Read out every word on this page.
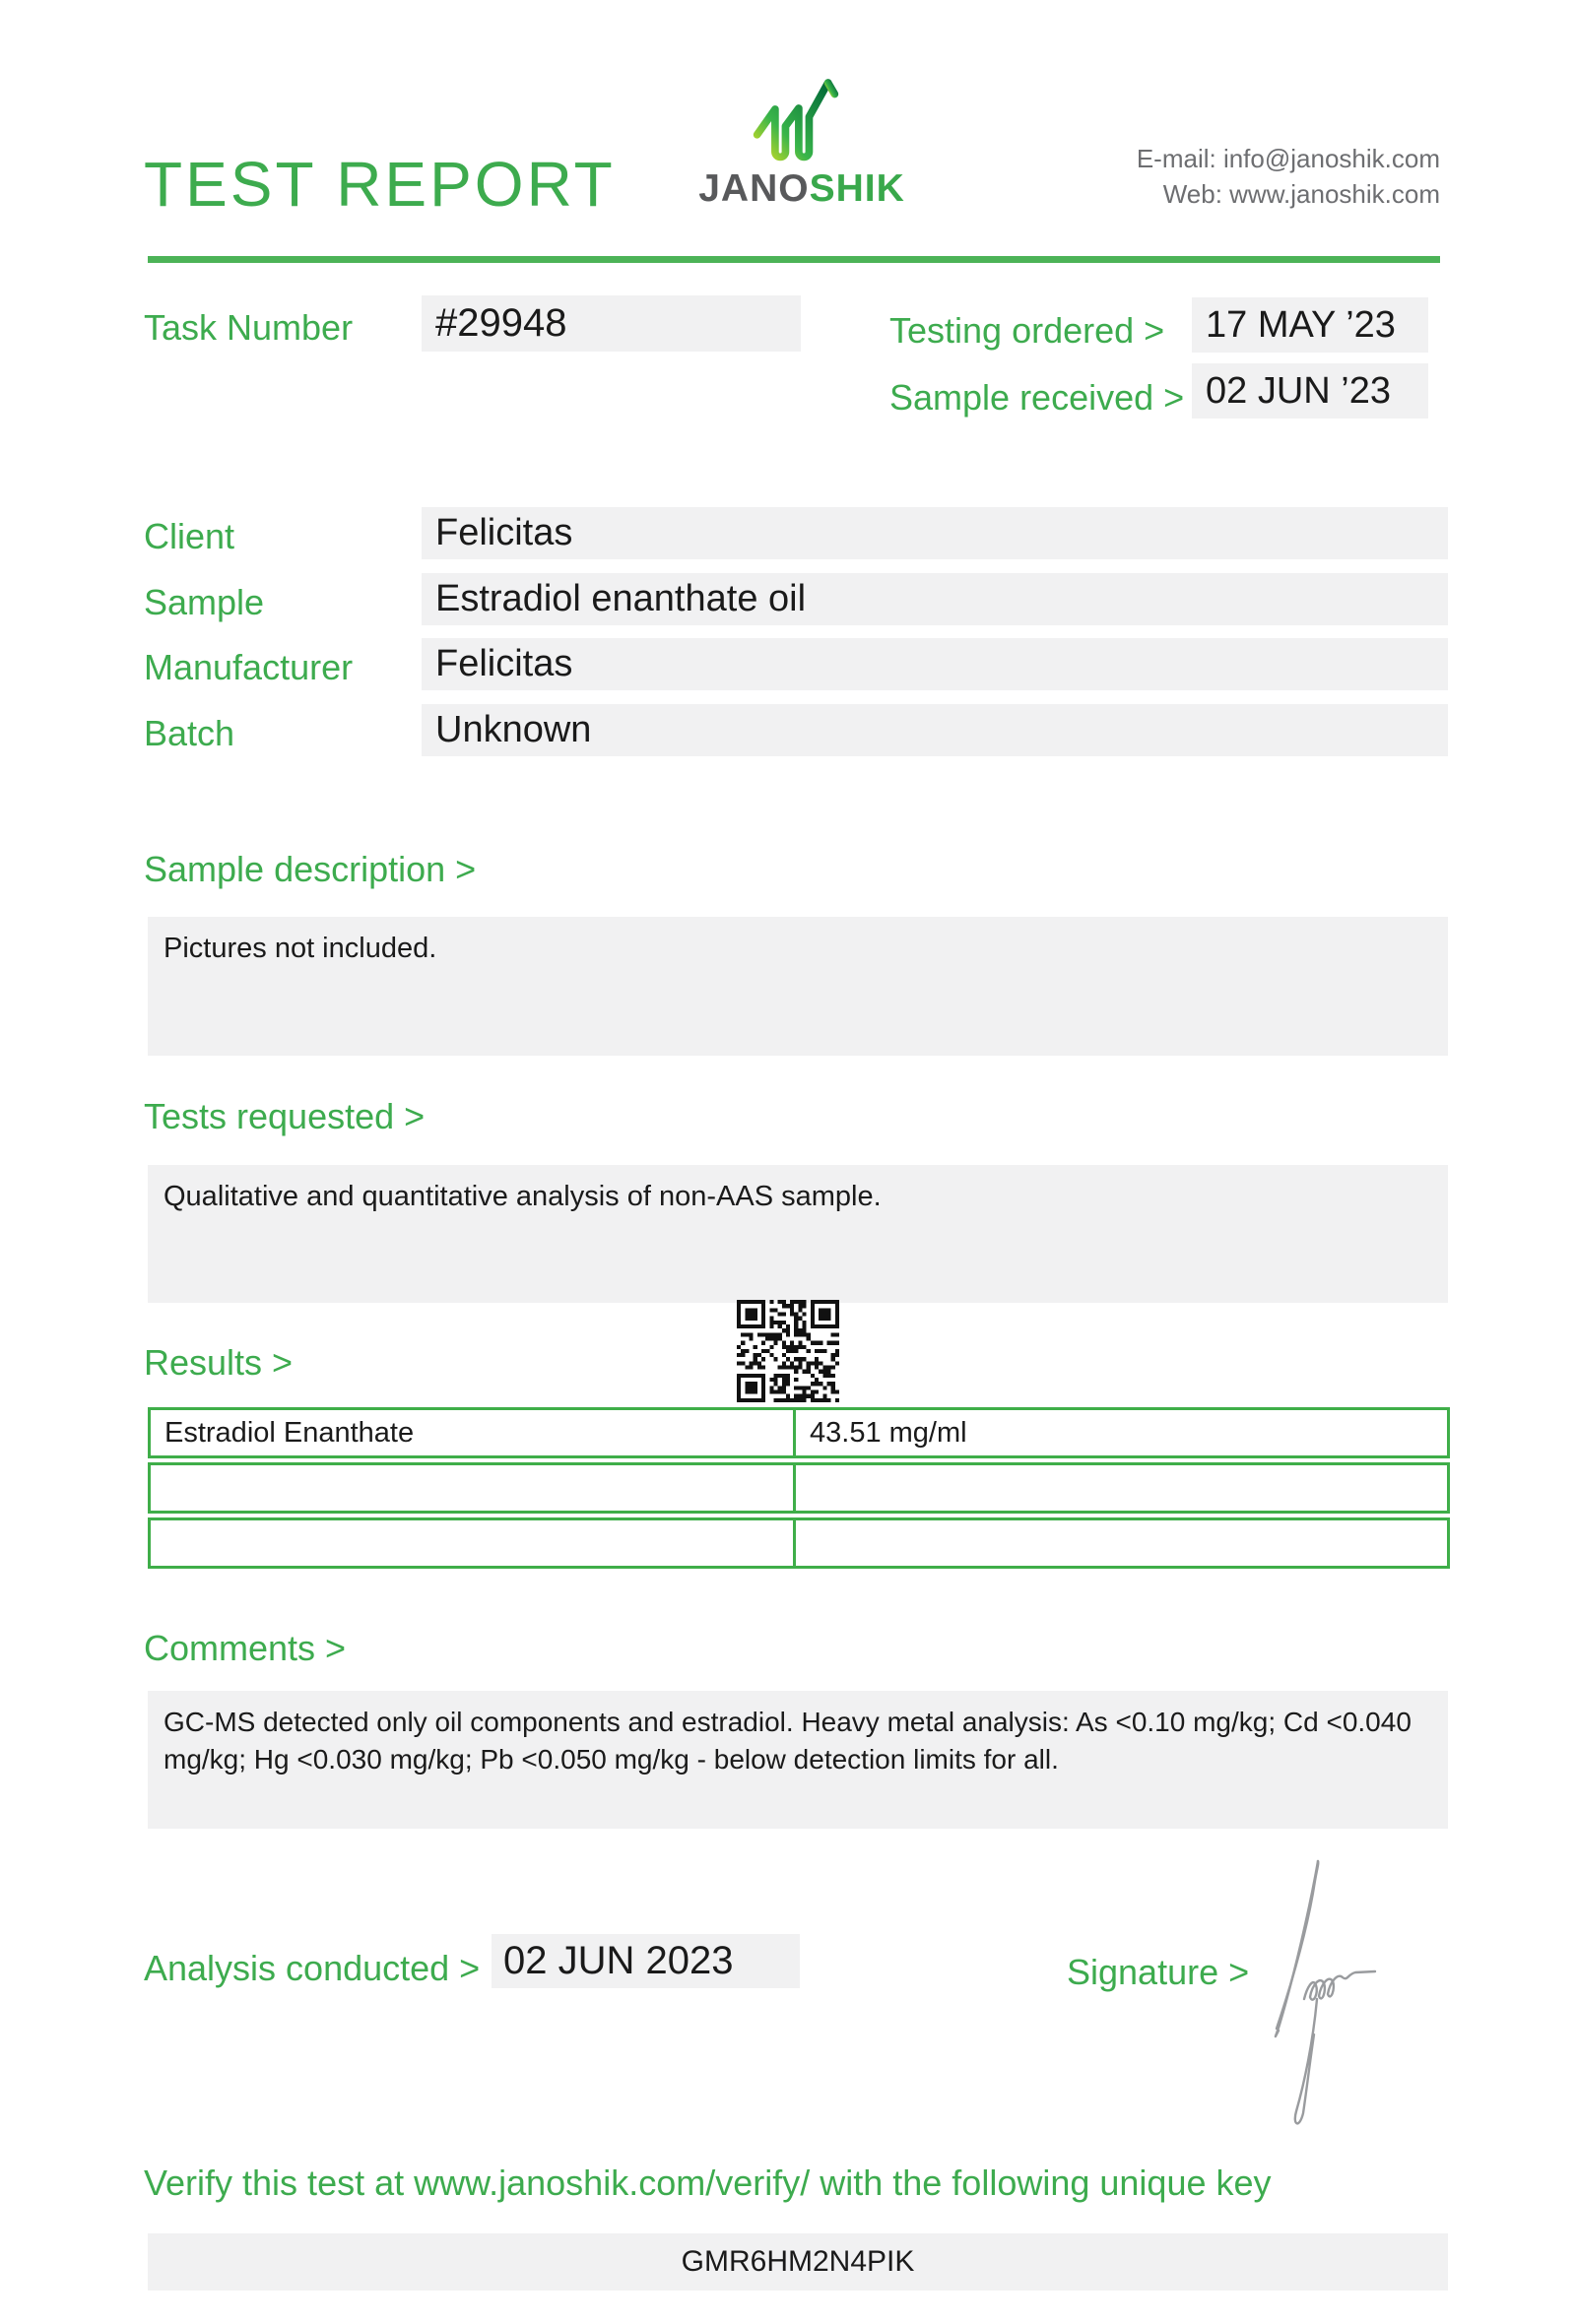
TEST REPORT JANOSHIK
E-mail: info@janoshik.com
Web: www.janoshik.com
Task Number	#29948	Testing ordered >	17 MAY ’23
Sample received > 02 JUN ’23
Client	Felicitas
Sample	Estradiol enanthate oil
Manufacturer	Felicitas
Batch	Unknown
Sample description >
Pictures not included.
Tests requested >
Qualitative and quantitative analysis of non-AAS sample.
Results >
Estradiol Enanthate	43.51 mg/ml
Comments >
GC-MS detected only oil components and estradiol. Heavy metal analysis: As <0.10 mg/kg; Cd <0.040 mg/kg; Hg <0.030 mg/kg; Pb <0.050 mg/kg - below detection limits for all.
Analysis conducted > 02 JUN 2023	Signature >
Verify this test at www.janoshik.com/verify/ with the following unique key
GMR6HM2N4PIK
